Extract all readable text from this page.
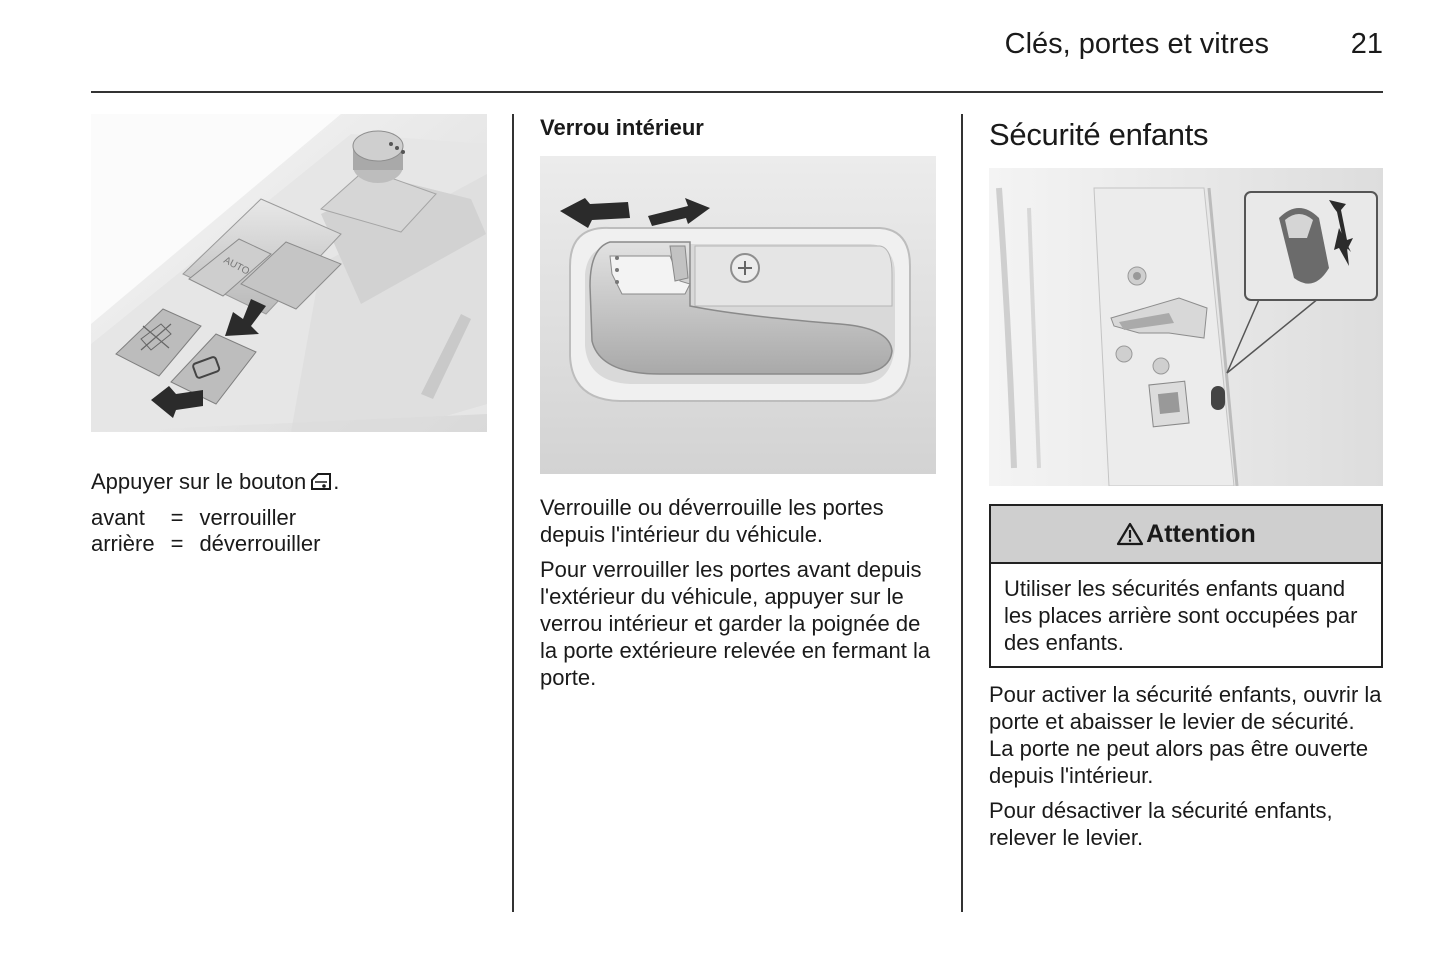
Clés, portes et vitres	21
AUTO

Appuyer sur le bouton .

avant	=	verrouiller
arrière	=	déverrouiller
Verrou intérieur

Verrouille ou déverrouille les portes depuis l'intérieur du véhicule.

Pour verrouiller les portes avant depuis l'extérieur du véhicule, appuyer sur le verrou intérieur et garder la poignée de la porte extérieure relevée en fermant la porte.

Sécurité enfants
Attention
Utiliser les sécurités enfants quand les places arrière sont occupées par des enfants.

Pour activer la sécurité enfants, ouvrir la porte et abaisser le levier de sécurité. La porte ne peut alors pas être ouverte depuis l'intérieur.

Pour désactiver la sécurité enfants, relever le levier.
